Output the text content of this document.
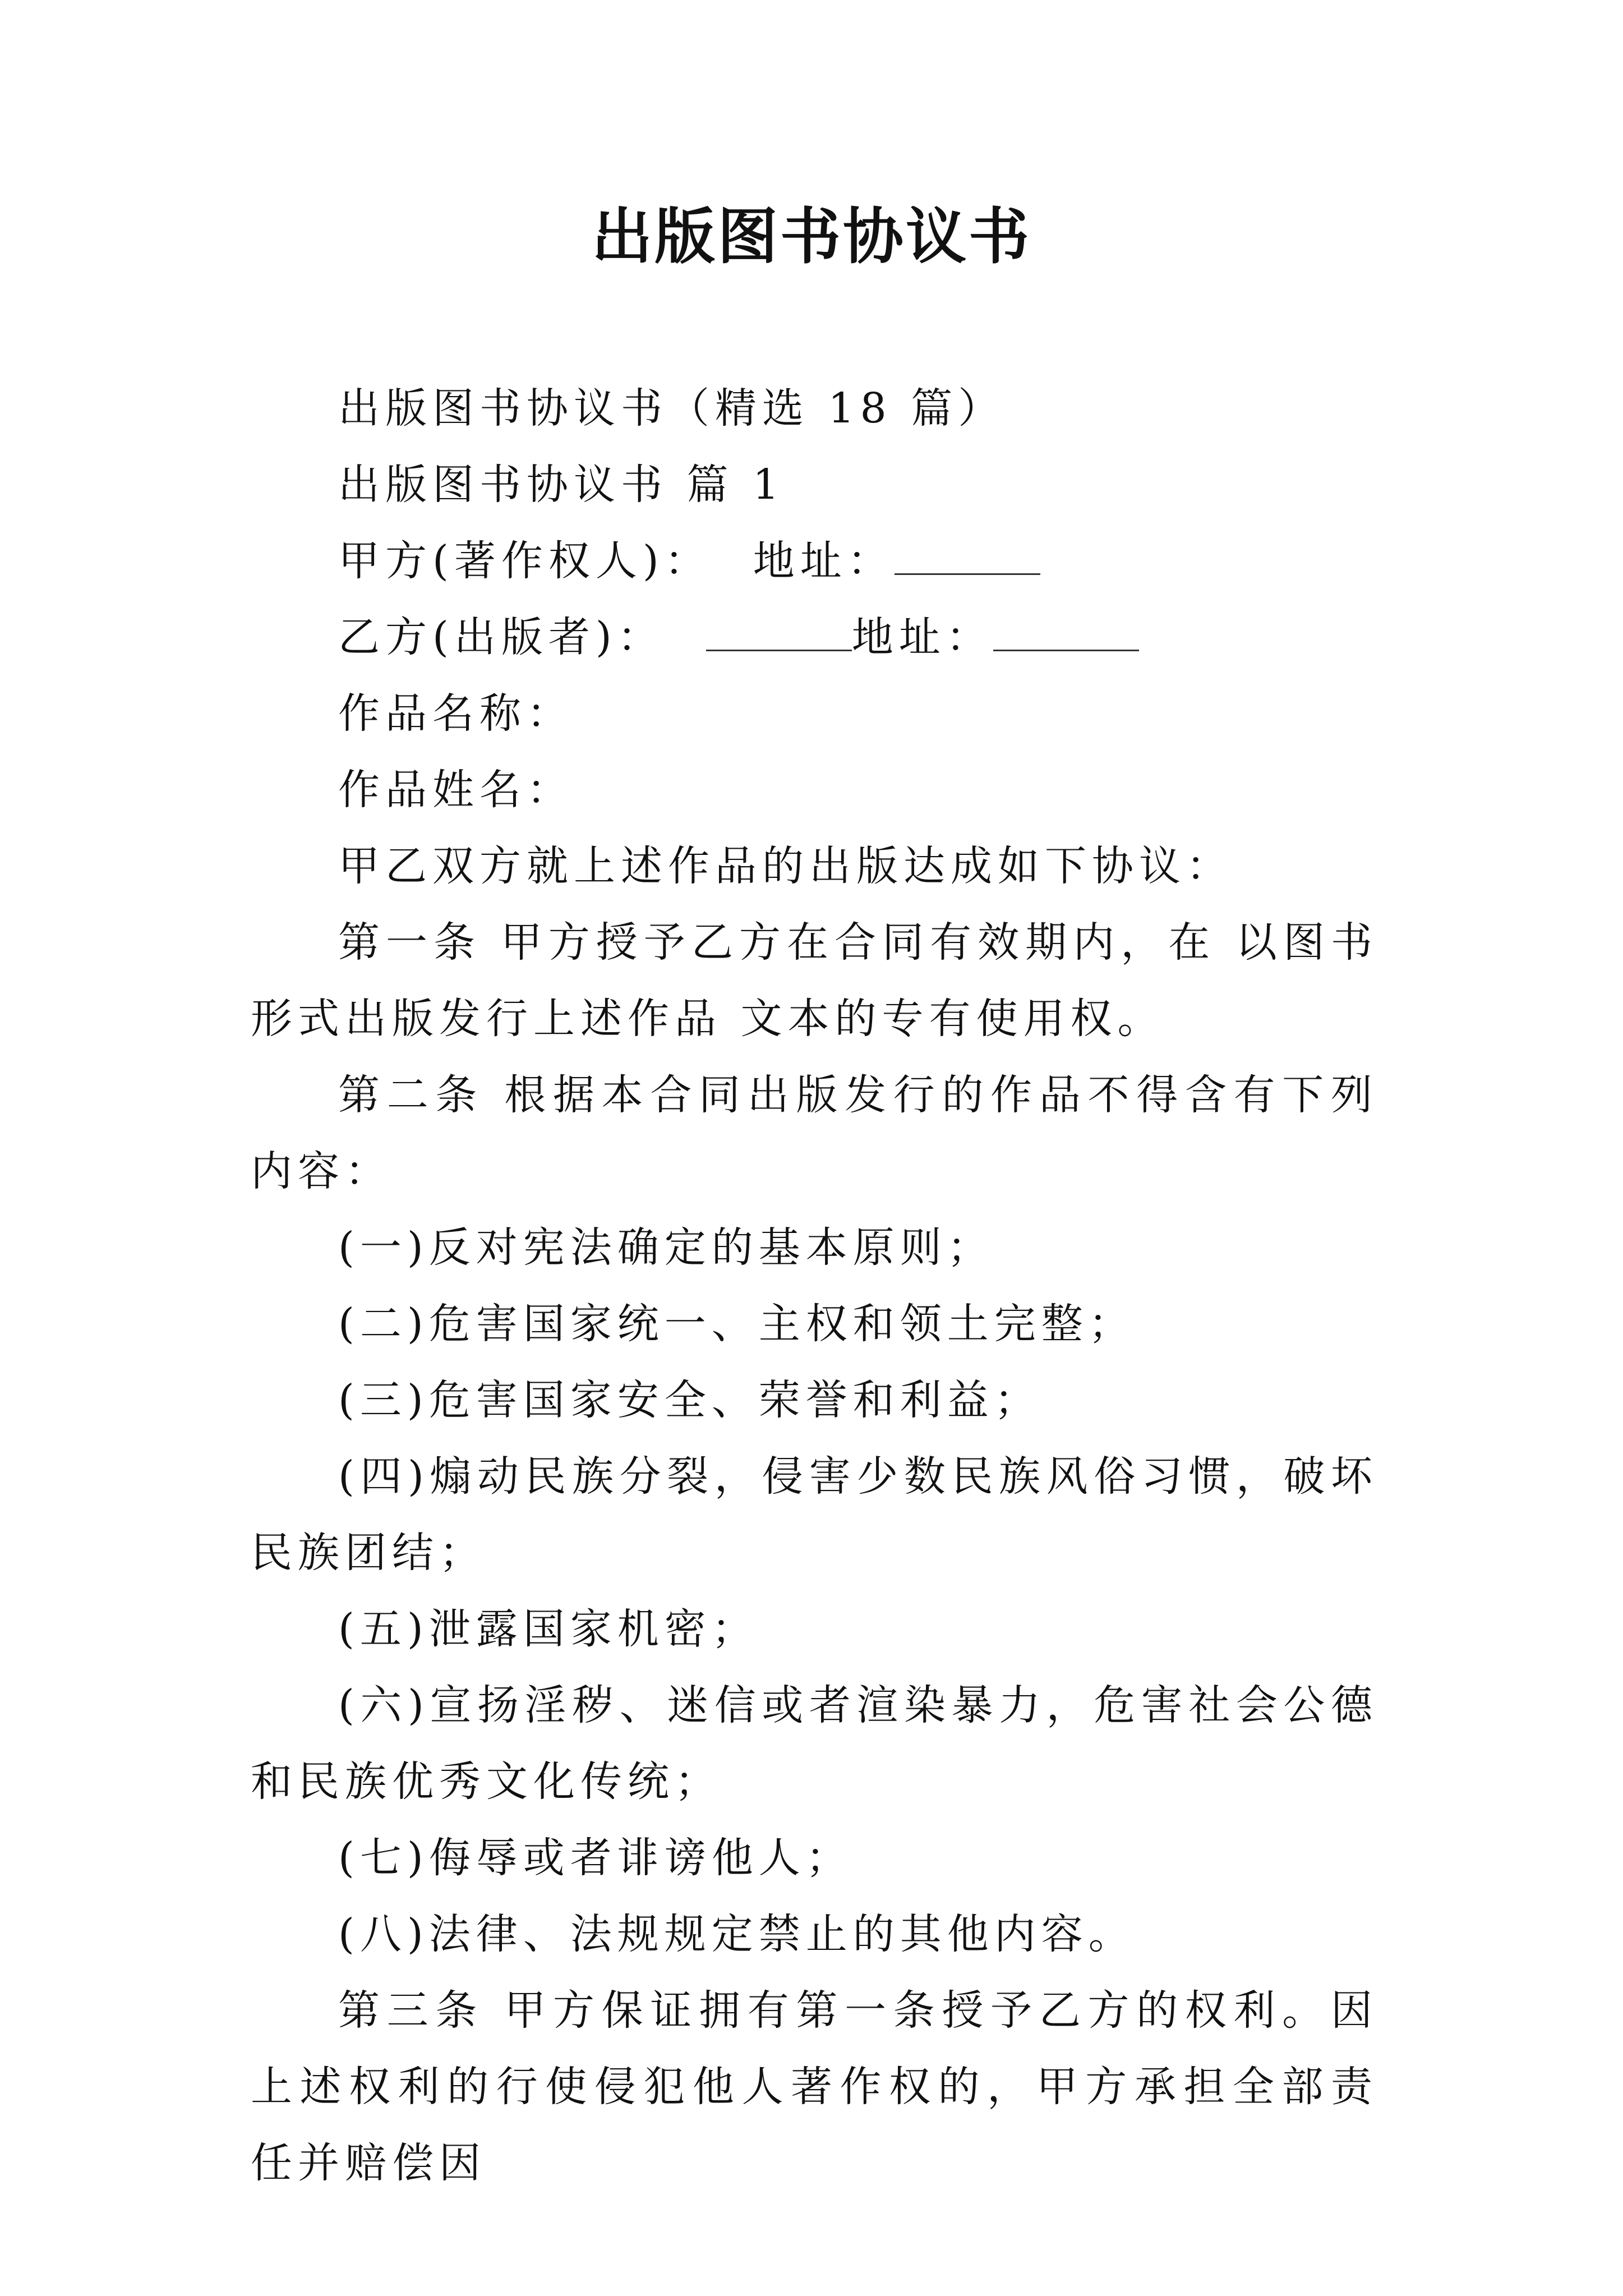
出版图书协议书

出版图书协议书（精选 18 篇）

出版图书协议书 篇 1

甲方(著作权人)： 地址：

乙方(出版者)：	地址：

作品名称：

作品姓名：

甲乙双方就上述作品的出版达成如下协议：

第一条 甲方授予乙方在合同有效期内，在 以图书形式出版发行上述作品 文本的专有使用权。

第二条 根据本合同出版发行的作品不得含有下列内容：

(一)反对宪法确定的基本原则；

(二)危害国家统一、主权和领土完整；

(三)危害国家安全、荣誉和利益；

(四)煽动民族分裂，侵害少数民族风俗习惯，破坏民族团结；

(五)泄露国家机密；

(六)宣扬淫秽、迷信或者渲染暴力，危害社会公德和民族优秀文化传统；

(七)侮辱或者诽谤他人；

(八)法律、法规规定禁止的其他内容。

第三条 甲方保证拥有第一条授予乙方的权利。因上述权利的行使侵犯他人著作权的，甲方承担全部责任并赔偿因
